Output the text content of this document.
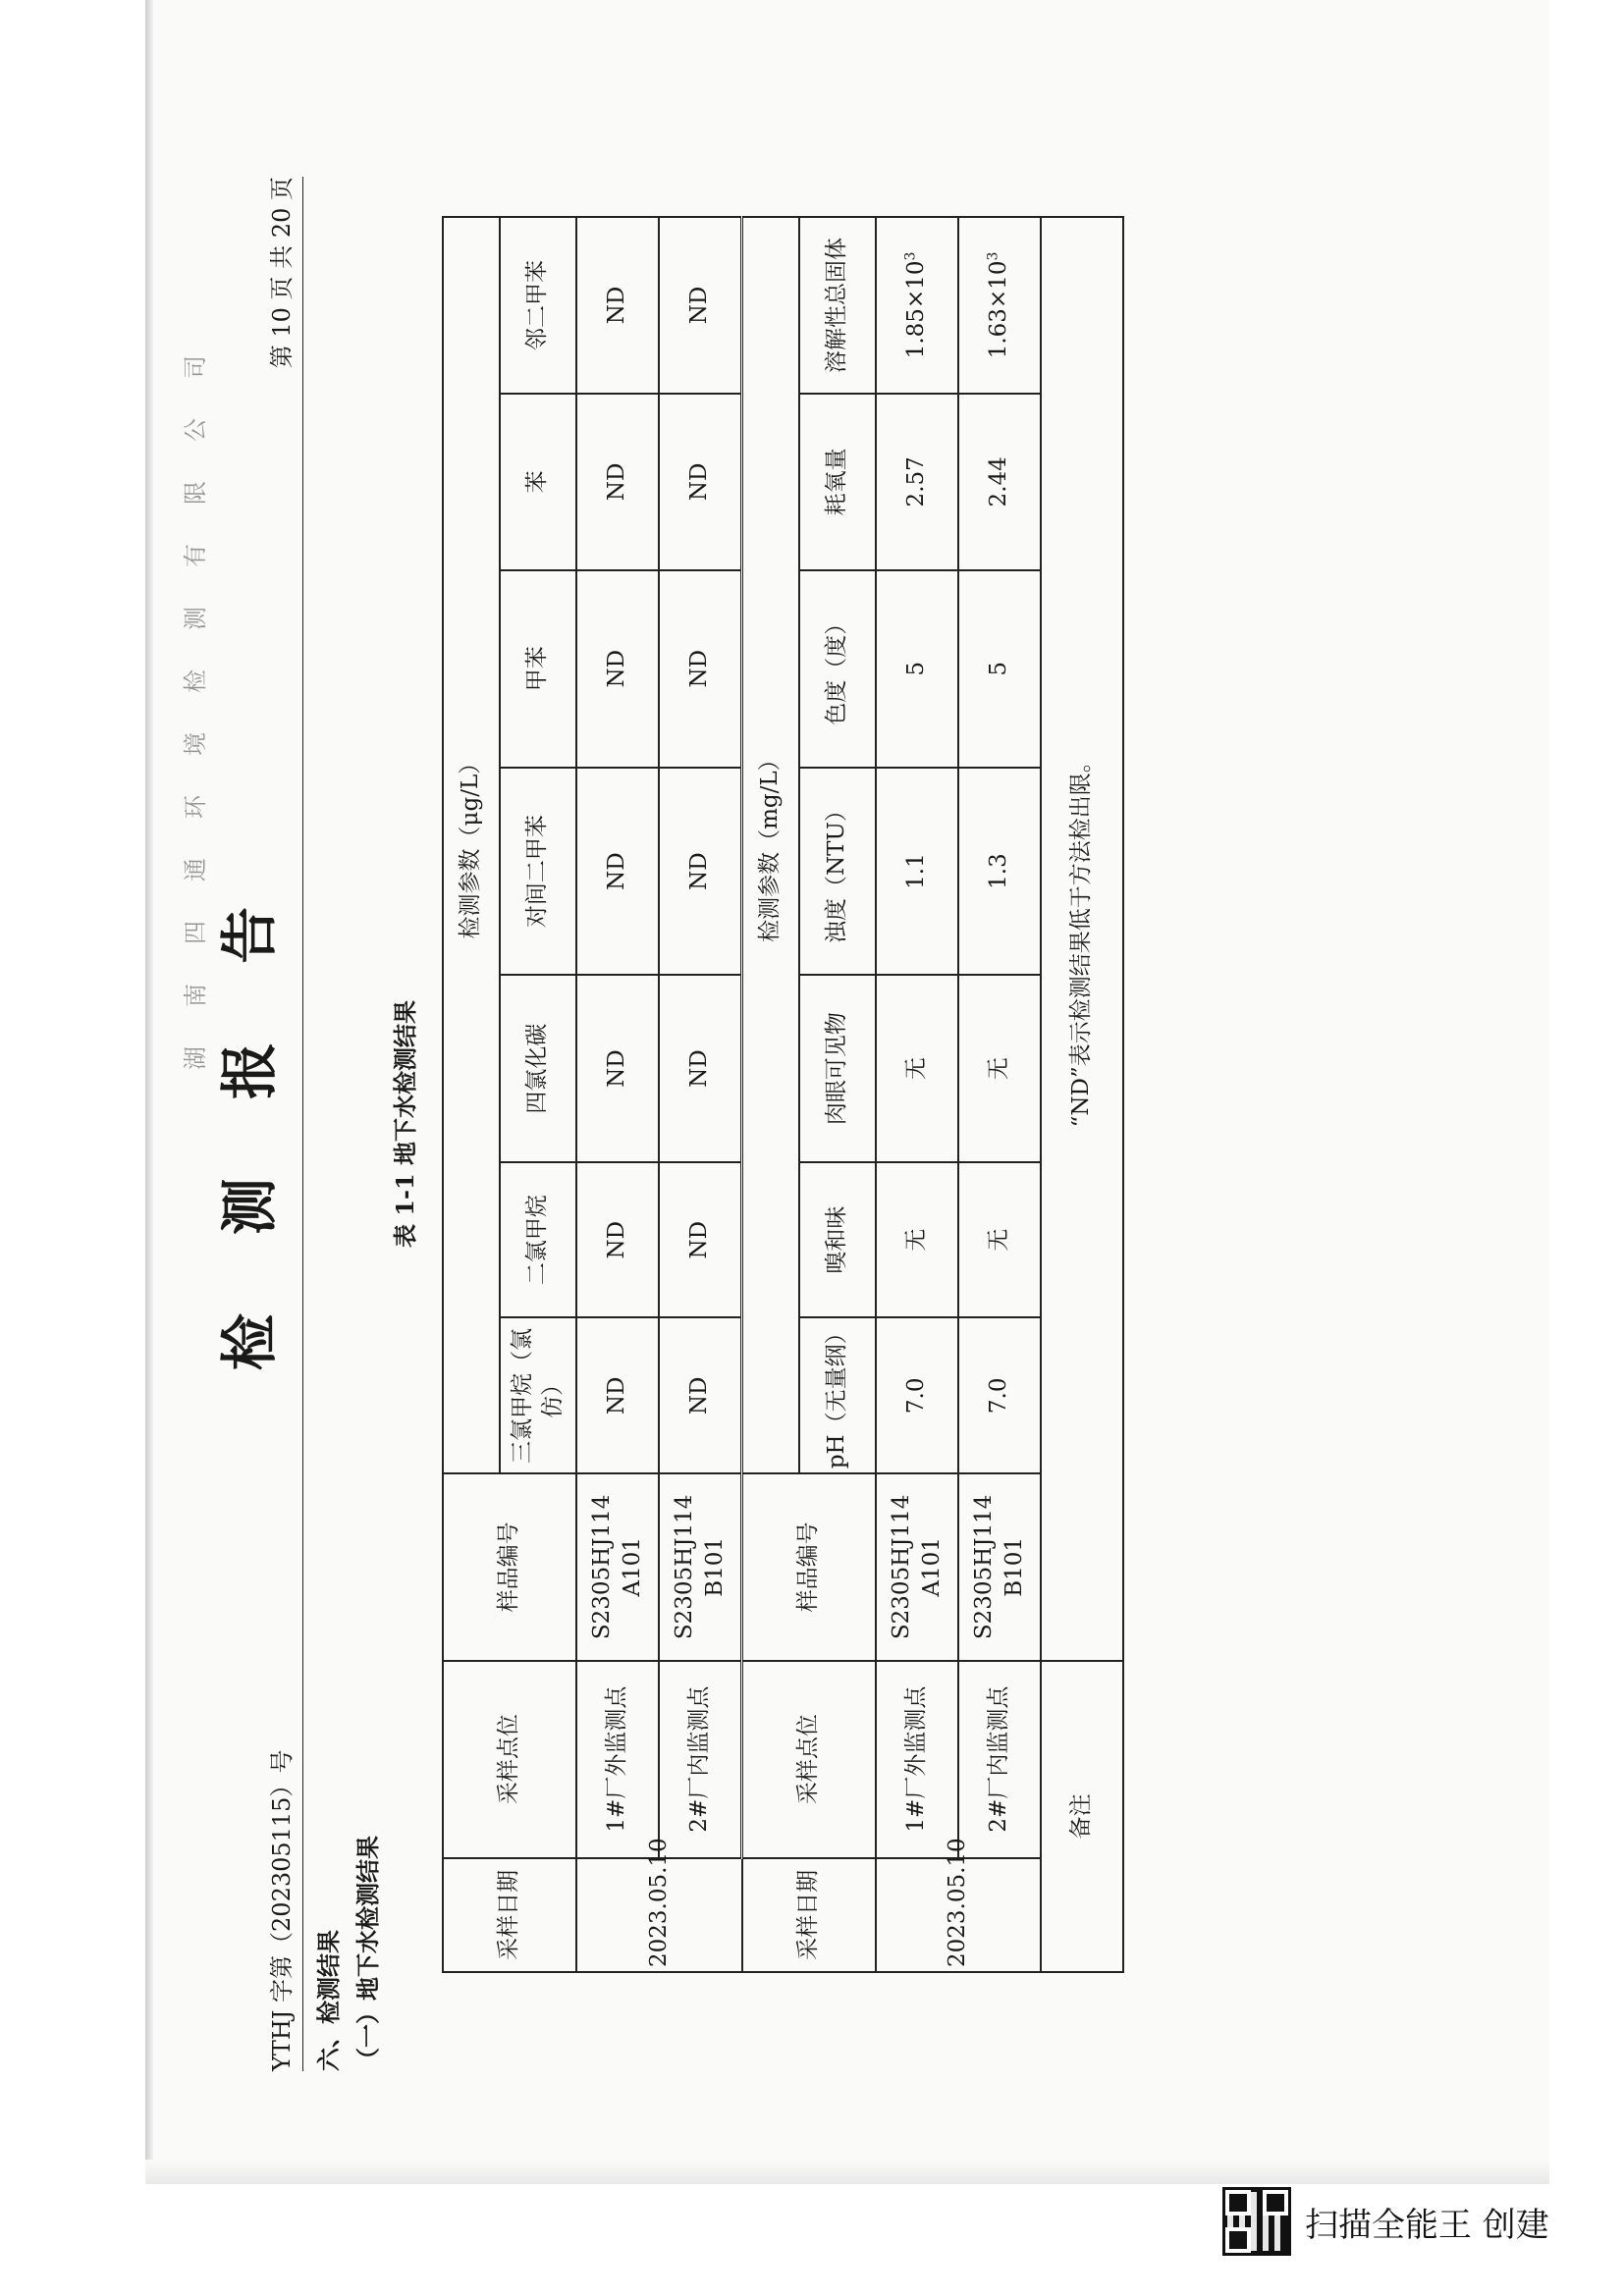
湖南四通环境检测有限公司
检 测 报 告
YTHJ 字第（202305115）号
第 10 页 共 20 页
六、检测结果 （一）地下水检测结果
表 1-1 地下水检测结果
采样日期	采样点位	样品编号	检测参数（μg/L）						
			三氯甲烷（氯仿）	二氯甲烷	四氯化碳	对间二甲苯	甲苯	苯	邻二甲苯
2023.05.10	1#厂外监测点	S2305HJ114 A101	ND	ND	ND	ND	ND	ND	ND
	2#厂内监测点	S2305HJ114 B101	ND	ND	ND	ND	ND	ND	ND
采样日期	采样点位	样品编号	检测参数（mg/L）						
			pH（无量纲）	嗅和味	肉眼可见物	浊度（NTU）	色度（度）	耗氧量	溶解性总固体
2023.05.10	1#厂外监测点	S2305HJ114 A101	7.0	无	无	1.1	5	2.57	$1.85\times 10^3$
	2#厂内监测点	S2305HJ114 B101	7.0	无	无	1.3	5	2.44	$1.63\times 10^3$
备注		“ND”表示检测结果低于方法检出限。							
扫描全能王 创建
